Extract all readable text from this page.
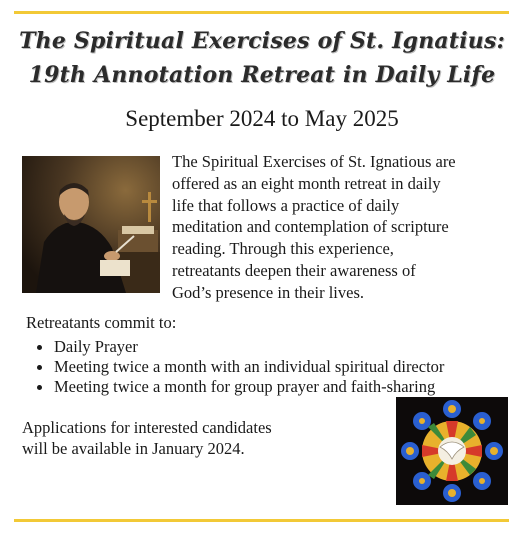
The Spiritual Exercises of St. Ignatius:
19th Annotation Retreat in Daily Life
September 2024 to May 2025

The Spiritual Exercises of St. Ignatious are
offered as an eight month retreat in daily
life that follows a practice of daily
meditation and contemplation of scripture
reading. Through this experience,
retreatants deepen their awareness of
God’s presence in their lives.

Retreatants commit to:
Daily Prayer
Meeting twice a month with an individual spiritual director
Meeting twice a month for group prayer and faith-sharing

Applications for interested candidates
will be available in January 2024.
